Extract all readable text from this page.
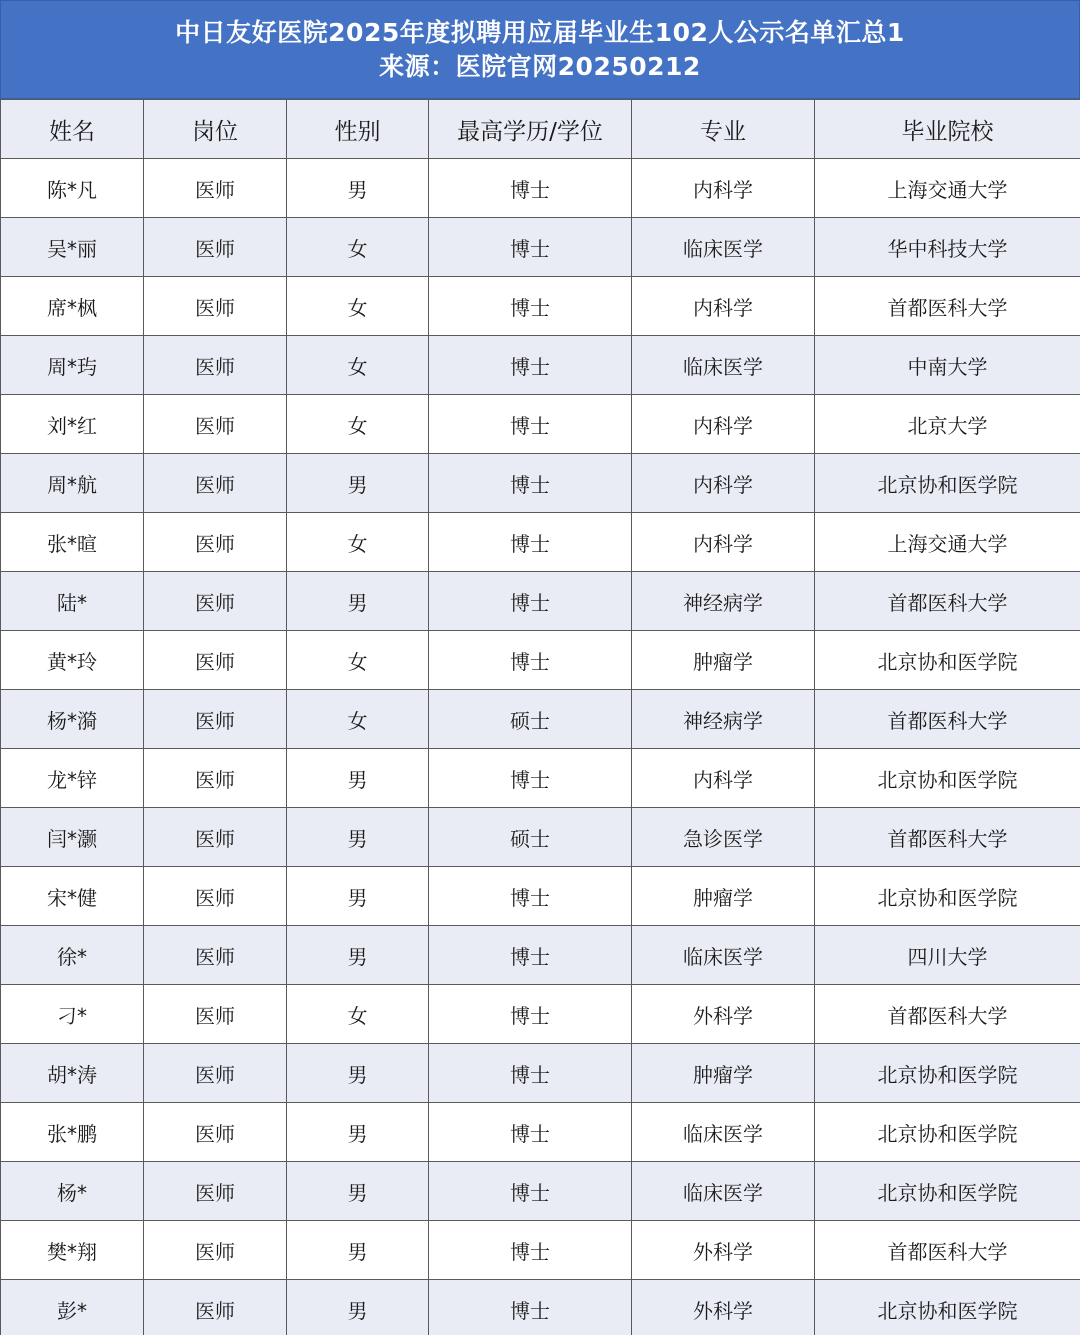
中日友好医院2025年度拟聘用应届毕业生102人公示名单汇总1
来源：医院官网20250212
姓名	岗位	性别	最高学历/学位	专业	毕业院校
陈*凡	医师	男	博士	内科学	上海交通大学
吴*丽	医师	女	博士	临床医学	华中科技大学
席*枫	医师	女	博士	内科学	首都医科大学
周*玙	医师	女	博士	临床医学	中南大学
刘*红	医师	女	博士	内科学	北京大学
周*航	医师	男	博士	内科学	北京协和医学院
张*暄	医师	女	博士	内科学	上海交通大学
陆*	医师	男	博士	神经病学	首都医科大学
黄*玲	医师	女	博士	肿瘤学	北京协和医学院
杨*漪	医师	女	硕士	神经病学	首都医科大学
龙*锌	医师	男	博士	内科学	北京协和医学院
闫*灏	医师	男	硕士	急诊医学	首都医科大学
宋*健	医师	男	博士	肿瘤学	北京协和医学院
徐*	医师	男	博士	临床医学	四川大学
刁*	医师	女	博士	外科学	首都医科大学
胡*涛	医师	男	博士	肿瘤学	北京协和医学院
张*鹏	医师	男	博士	临床医学	北京协和医学院
杨*	医师	男	博士	临床医学	北京协和医学院
樊*翔	医师	男	博士	外科学	首都医科大学
彭*	医师	男	博士	外科学	北京协和医学院
